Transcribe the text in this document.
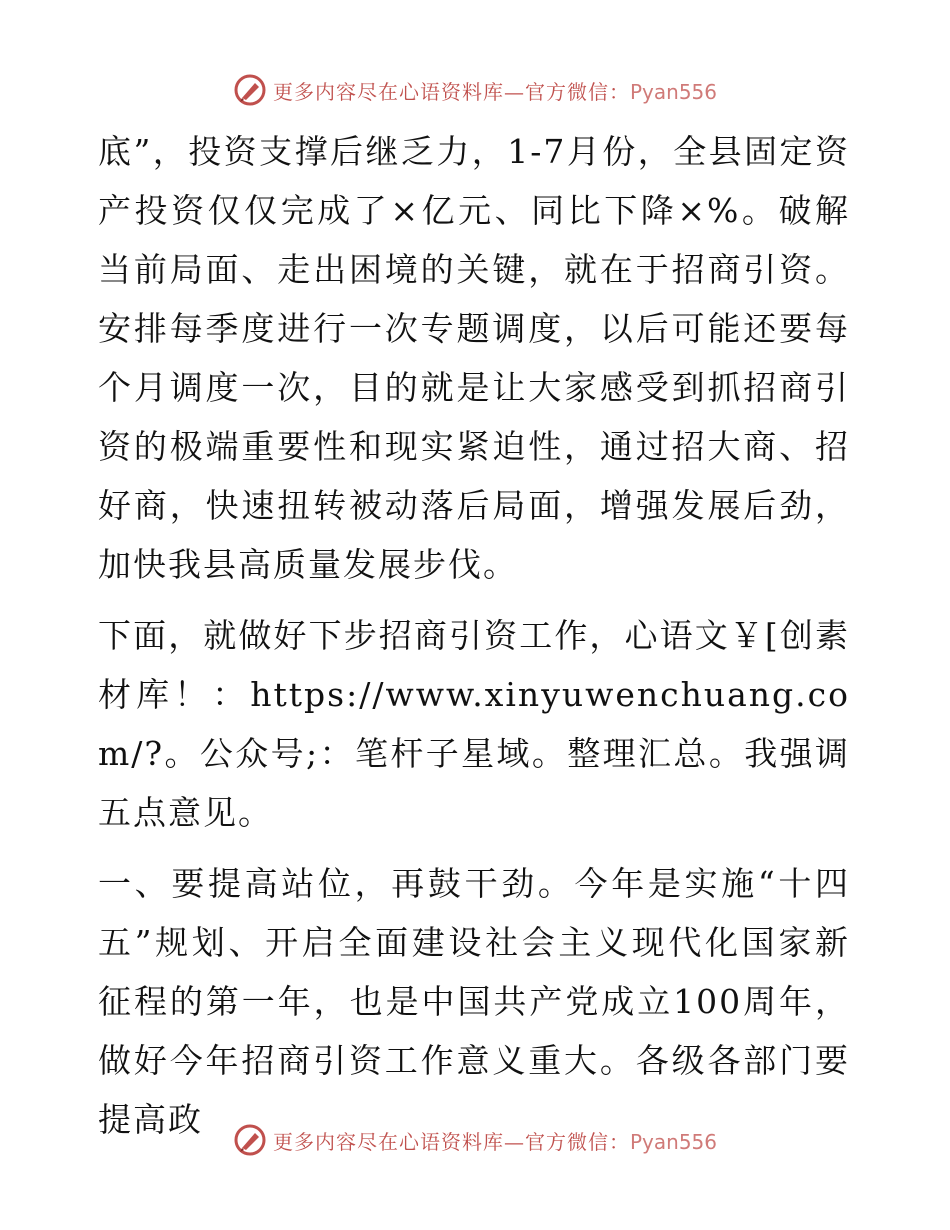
更多内容尽在心语资料库—官方微信：Pyan556

底”，投资支撑后继乏力，1-7月份，全县固定资产投资仅仅完成了×亿元、同比下降×%。破解当前局面、走出困境的关键，就在于招商引资。安排每季度进行一次专题调度，以后可能还要每个月调度一次，目的就是让大家感受到抓招商引资的极端重要性和现实紧迫性，通过招大商、招好商，快速扭转被动落后局面，增强发展后劲，加快我县高质量发展步伐。

下面，就做好下步招商引资工作，心语文￥[创素材库！：https://www.xinyuwenchuang.com/?。公众号;：笔杆子星域。整理汇总。我强调五点意见。

一、要提高站位，再鼓干劲。今年是实施“十四五”规划、开启全面建设社会主义现代化国家新征程的第一年，也是中国共产党成立100周年，做好今年招商引资工作意义重大。各级各部门要提高政

更多内容尽在心语资料库—官方微信：Pyan556
